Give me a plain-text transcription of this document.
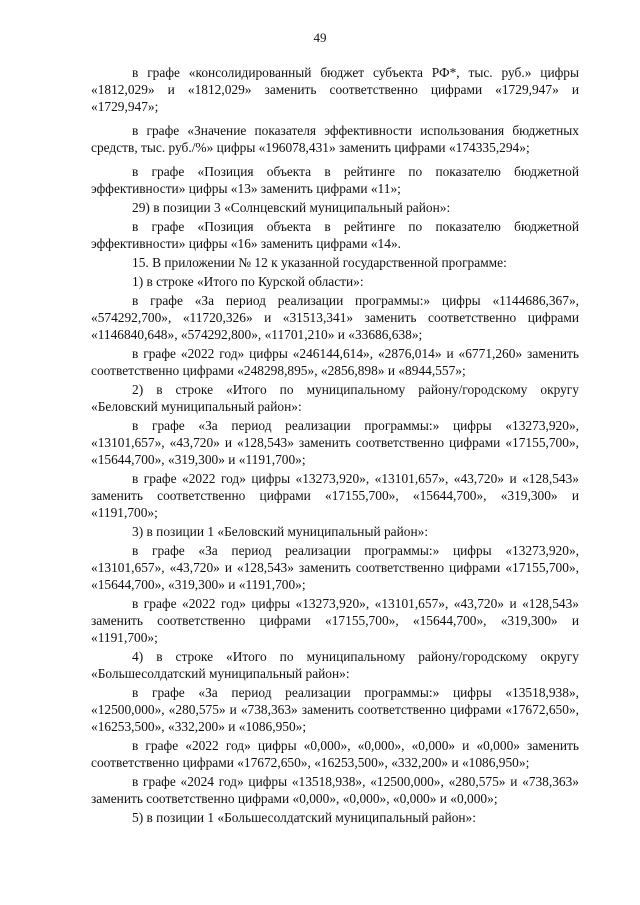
49

в графе «консолидированный бюджет субъекта РФ*, тыс. руб.» цифры «1812,029» и «1812,029» заменить соответственно цифрами «1729,947» и «1729,947»;

в графе «Значение показателя эффективности использования бюджетных средств, тыс. руб./%» цифры «196078,431» заменить цифрами «174335,294»;

в графе «Позиция объекта в рейтинге по показателю бюджетной эффективности» цифры «13» заменить цифрами «11»;

29) в позиции 3 «Солнцевский муниципальный район»:

в графе «Позиция объекта в рейтинге по показателю бюджетной эффективности» цифры «16» заменить цифрами «14».

15. В приложении № 12 к указанной государственной программе:

1) в строке «Итого по Курской области»:

в графе «За период реализации программы:» цифры «1144686,367», «574292,700», «11720,326» и «31513,341» заменить соответственно цифрами «1146840,648», «574292,800», «11701,210» и «33686,638»;

в графе «2022 год» цифры «246144,614», «2876,014» и «6771,260» заменить соответственно цифрами «248298,895», «2856,898» и «8944,557»;

2) в строке «Итого по муниципальному району/городскому округу «Беловский муниципальный район»:

в графе «За период реализации программы:» цифры «13273,920», «13101,657», «43,720» и «128,543» заменить соответственно цифрами «17155,700», «15644,700», «319,300» и «1191,700»;

в графе «2022 год» цифры «13273,920», «13101,657», «43,720» и «128,543» заменить соответственно цифрами «17155,700», «15644,700», «319,300» и «1191,700»;

3) в позиции 1 «Беловский муниципальный район»:

в графе «За период реализации программы:» цифры «13273,920», «13101,657», «43,720» и «128,543» заменить соответственно цифрами «17155,700», «15644,700», «319,300» и «1191,700»;

в графе «2022 год» цифры «13273,920», «13101,657», «43,720» и «128,543» заменить соответственно цифрами «17155,700», «15644,700», «319,300» и «1191,700»;

4) в строке «Итого по муниципальному району/городскому округу «Большесолдатский муниципальный район»:

в графе «За период реализации программы:» цифры «13518,938», «12500,000», «280,575» и «738,363» заменить соответственно цифрами «17672,650», «16253,500», «332,200» и «1086,950»;

в графе «2022 год» цифры «0,000», «0,000», «0,000» и «0,000» заменить соответственно цифрами «17672,650», «16253,500», «332,200» и «1086,950»;

в графе «2024 год» цифры «13518,938», «12500,000», «280,575» и «738,363» заменить соответственно цифрами «0,000», «0,000», «0,000» и «0,000»;

5) в позиции 1 «Большесолдатский муниципальный район»:
